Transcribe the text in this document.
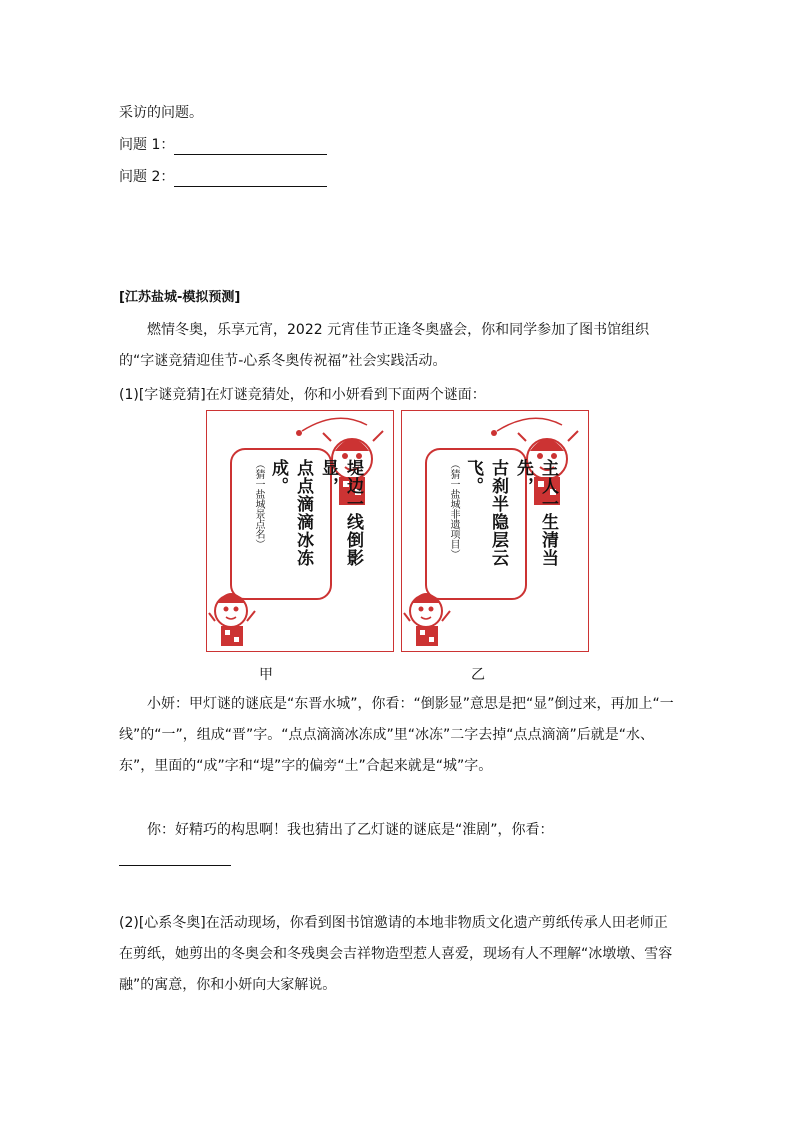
采访的问题。
问题 1：
问题 2：
[江苏盐城-模拟预测]
燃情冬奥，乐享元宵，2022 元宵佳节正逢冬奥盛会，你和同学参加了图书馆组织的“字谜竞猜迎佳节-心系冬奥传祝福”社会实践活动。
(1)[字谜竞猜]在灯谜竞猜处，你和小妍看到下面两个谜面：
堤边一线倒影显，
点点滴滴冰冻成。
（猜一盐城景点名）	主人一生清当先，
古刹半隐层云飞。
（猜一盐城非遗项目）
甲	乙
小妍：甲灯谜的谜底是“东晋水城”，你看：“倒影显”意思是把“显”倒过来，再加上“一线”的“一”，组成“晋”字。“点点滴滴冰冻成”里“冰冻”二字去掉“点点滴滴”后就是“水、东”，里面的“成”字和“堤”字的偏旁“土”合起来就是“城”字。
你：好精巧的构思啊！我也猜出了乙灯谜的谜底是“淮剧”，你看：
(2)[心系冬奥]在活动现场，你看到图书馆邀请的本地非物质文化遗产剪纸传承人田老师正在剪纸，她剪出的冬奥会和冬残奥会吉祥物造型惹人喜爱，现场有人不理解“冰墩墩、雪容融”的寓意，你和小妍向大家解说。
